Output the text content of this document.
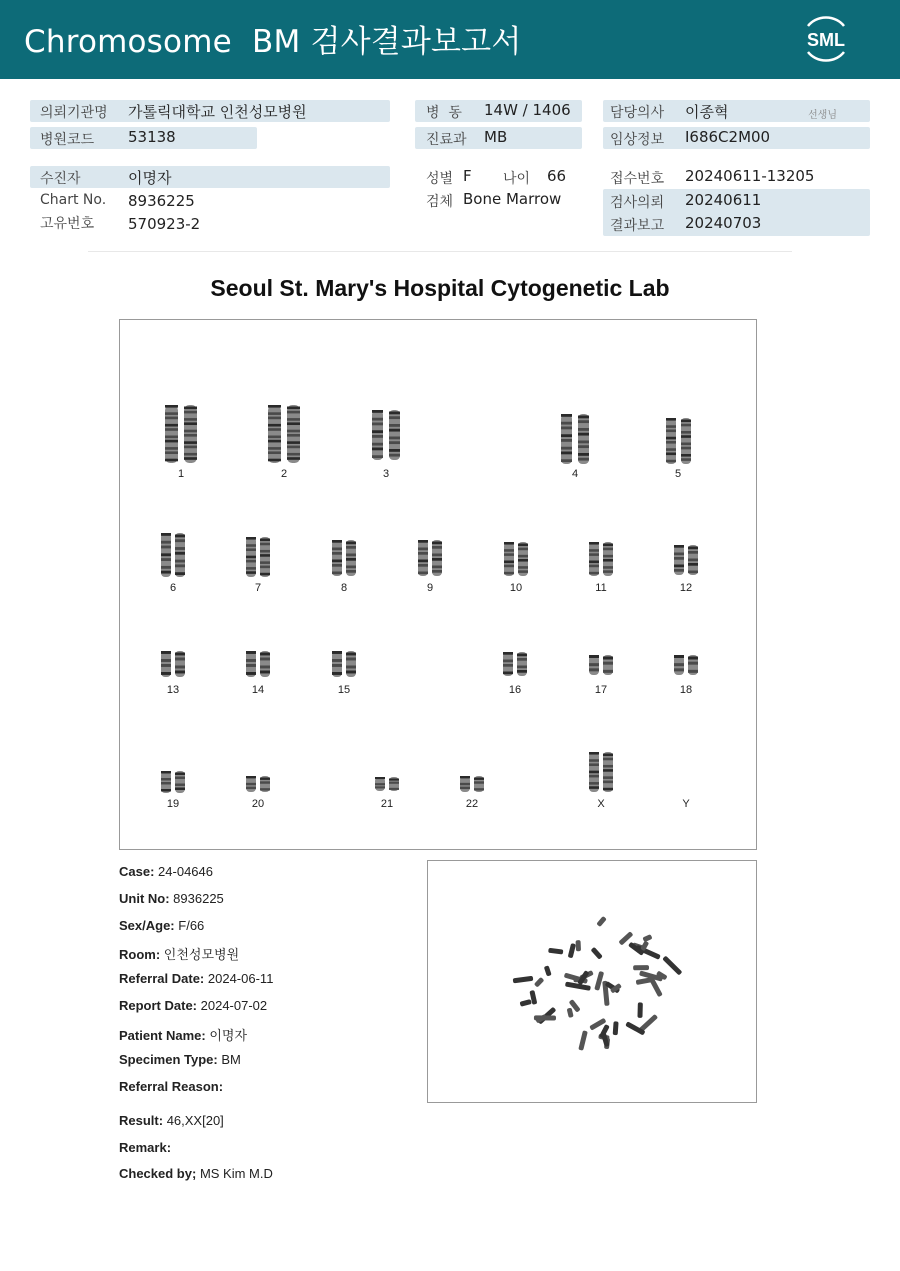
Chromosome  BM 검사결과보고서	SML
의뢰기관명 가톨릭대학교 인천성모병원
병원코드 53138
병  동 14W / 1406
진료과 MB
담당의사 이종혁	선생님
임상정보 I686C2M00
수진자	이명자
Chart No. 8936225
고유번호 570923-2
성별 F 나이 66
검체 Bone Marrow
접수번호 20240611-13205
검사의뢰 20240611
결과보고 20240703
Seoul St. Mary's Hospital Cytogenetic Lab
1	2	3	4	5
6	7	8	9	10	11	12
13	14	15	16	17	18
19	20	21	22	X	Y
Case: 24-04646
Unit No: 8936225
Sex/Age: F/66
Room: 인천성모병원
Referral Date: 2024-06-11
Report Date: 2024-07-02
Patient Name: 이명자
Specimen Type: BM
Referral Reason:
Result: 46,XX[20]
Remark:
Checked by; MS Kim M.D
